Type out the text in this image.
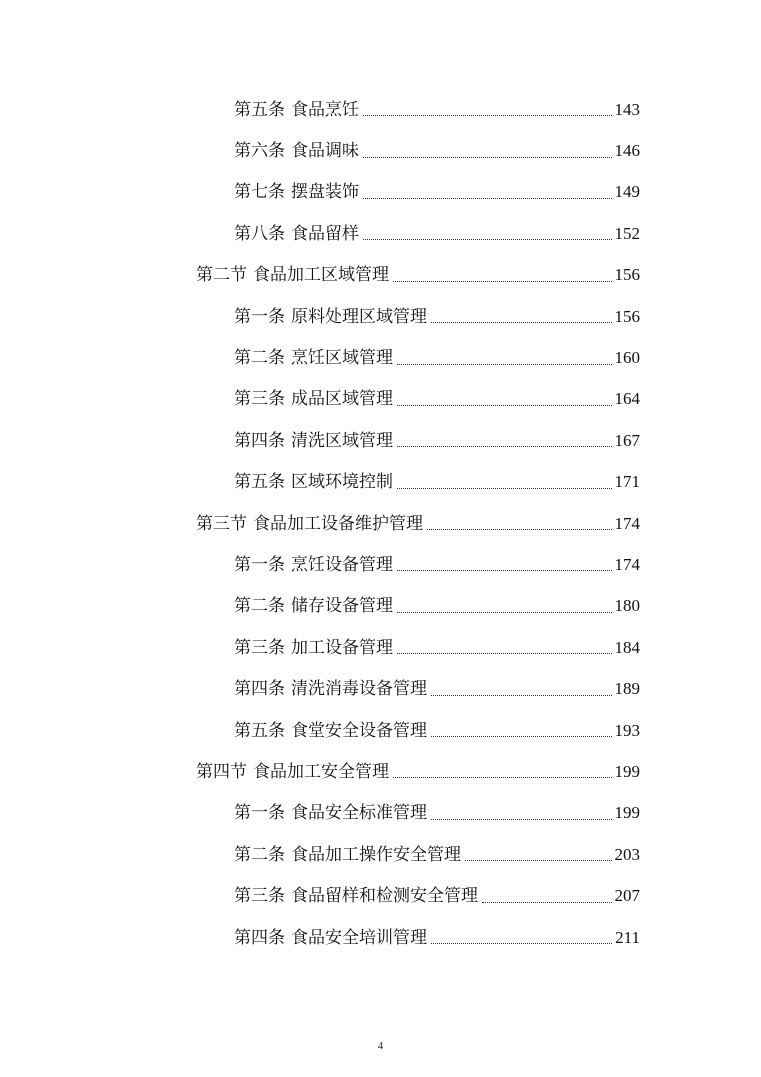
第五条 食品烹饪	143
第六条 食品调味	146
第七条 摆盘装饰	149
第八条 食品留样	152
第二节 食品加工区域管理	156
第一条 原料处理区域管理	156
第二条 烹饪区域管理	160
第三条 成品区域管理	164
第四条 清洗区域管理	167
第五条 区域环境控制	171
第三节 食品加工设备维护管理	174
第一条 烹饪设备管理	174
第二条 储存设备管理	180
第三条 加工设备管理	184
第四条 清洗消毒设备管理	189
第五条 食堂安全设备管理	193
第四节 食品加工安全管理	199
第一条 食品安全标准管理	199
第二条 食品加工操作安全管理	203
第三条 食品留样和检测安全管理	207
第四条 食品安全培训管理	211
4
